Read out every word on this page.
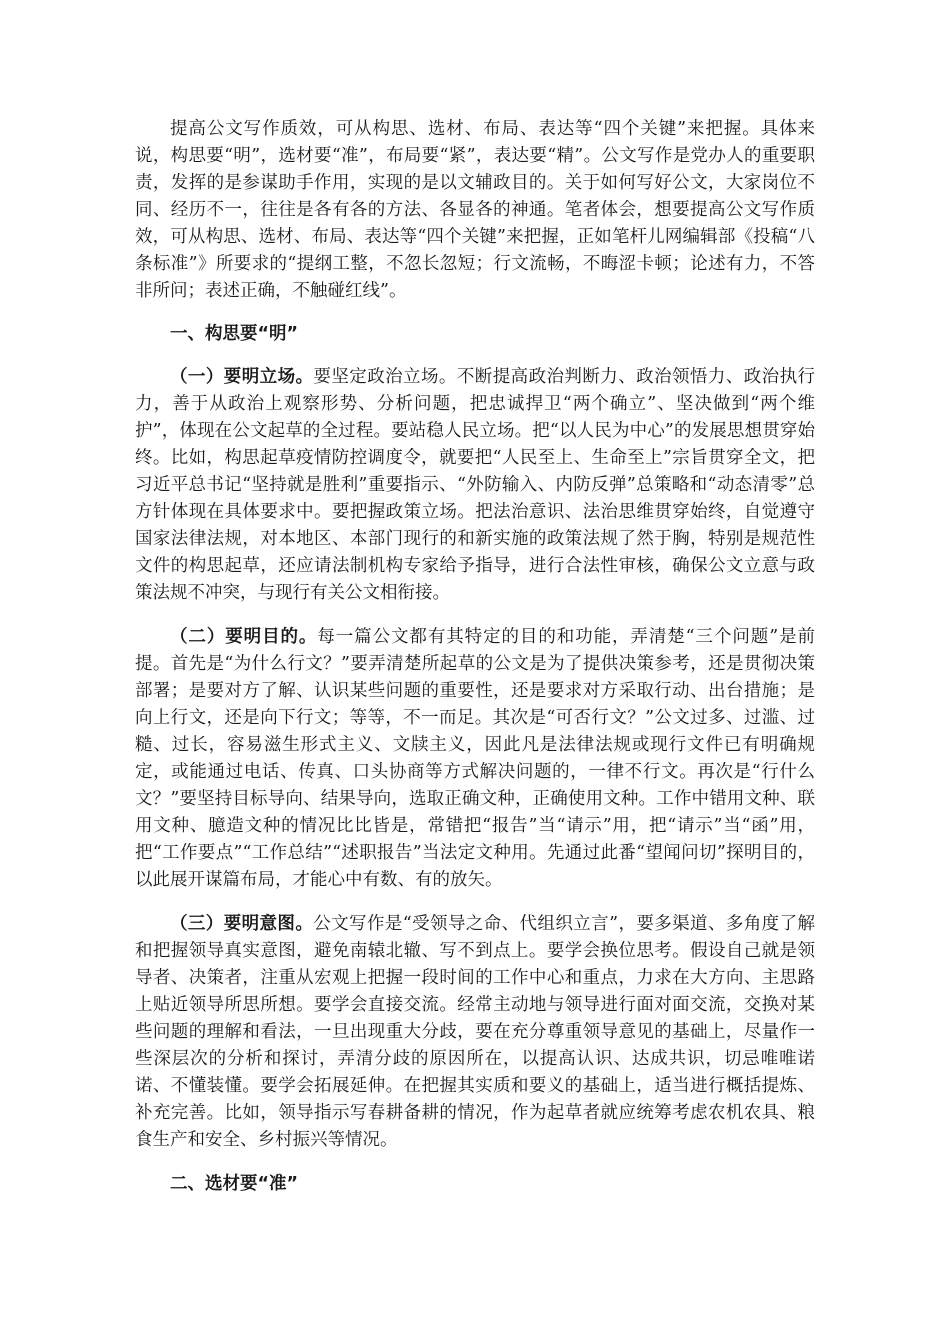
提高公文写作质效，可从构思、选材、布局、表达等“四个关键”来把握。具体来说，构思要“明”，选材要“准”，布局要“紧”，表达要“精”。公文写作是党办人的重要职责，发挥的是参谋助手作用，实现的是以文辅政目的。关于如何写好公文，大家岗位不同、经历不一，往往是各有各的方法、各显各的神通。笔者体会，想要提高公文写作质效，可从构思、选材、布局、表达等“四个关键”来把握，正如笔杆儿网编辑部《投稿“八条标准”》所要求的“提纲工整，不忽长忽短；行文流畅，不晦涩卡顿；论述有力，不答非所问；表述正确，不触碰红线”。

一、构思要“明”

（一）要明立场。要坚定政治立场。不断提高政治判断力、政治领悟力、政治执行力，善于从政治上观察形势、分析问题，把忠诚捍卫“两个确立”、坚决做到“两个维护”，体现在公文起草的全过程。要站稳人民立场。把“以人民为中心”的发展思想贯穿始终。比如，构思起草疫情防控调度令，就要把“人民至上、生命至上”宗旨贯穿全文，把习近平总书记“坚持就是胜利”重要指示、“外防输入、内防反弹”总策略和“动态清零”总方针体现在具体要求中。要把握政策立场。把法治意识、法治思维贯穿始终，自觉遵守国家法律法规，对本地区、本部门现行的和新实施的政策法规了然于胸，特别是规范性文件的构思起草，还应请法制机构专家给予指导，进行合法性审核，确保公文立意与政策法规不冲突，与现行有关公文相衔接。

（二）要明目的。每一篇公文都有其特定的目的和功能，弄清楚“三个问题”是前提。首先是“为什么行文？”要弄清楚所起草的公文是为了提供决策参考，还是贯彻决策部署；是要对方了解、认识某些问题的重要性，还是要求对方采取行动、出台措施；是向上行文，还是向下行文；等等，不一而足。其次是“可否行文？”公文过多、过滥、过糙、过长，容易滋生形式主义、文牍主义，因此凡是法律法规或现行文件已有明确规定，或能通过电话、传真、口头协商等方式解决问题的，一律不行文。再次是“行什么文？”要坚持目标导向、结果导向，选取正确文种，正确使用文种。工作中错用文种、联用文种、臆造文种的情况比比皆是，常错把“报告”当“请示”用，把“请示”当“函”用，把“工作要点”“工作总结”“述职报告”当法定文种用。先通过此番“望闻问切”探明目的，以此展开谋篇布局，才能心中有数、有的放矢。

（三）要明意图。公文写作是“受领导之命、代组织立言”，要多渠道、多角度了解和把握领导真实意图，避免南辕北辙、写不到点上。要学会换位思考。假设自己就是领导者、决策者，注重从宏观上把握一段时间的工作中心和重点，力求在大方向、主思路上贴近领导所思所想。要学会直接交流。经常主动地与领导进行面对面交流，交换对某些问题的理解和看法，一旦出现重大分歧，要在充分尊重领导意见的基础上，尽量作一些深层次的分析和探讨，弄清分歧的原因所在，以提高认识、达成共识，切忌唯唯诺诺、不懂装懂。要学会拓展延伸。在把握其实质和要义的基础上，适当进行概括提炼、补充完善。比如，领导指示写春耕备耕的情况，作为起草者就应统筹考虑农机农具、粮食生产和安全、乡村振兴等情况。

二、选材要“准”
